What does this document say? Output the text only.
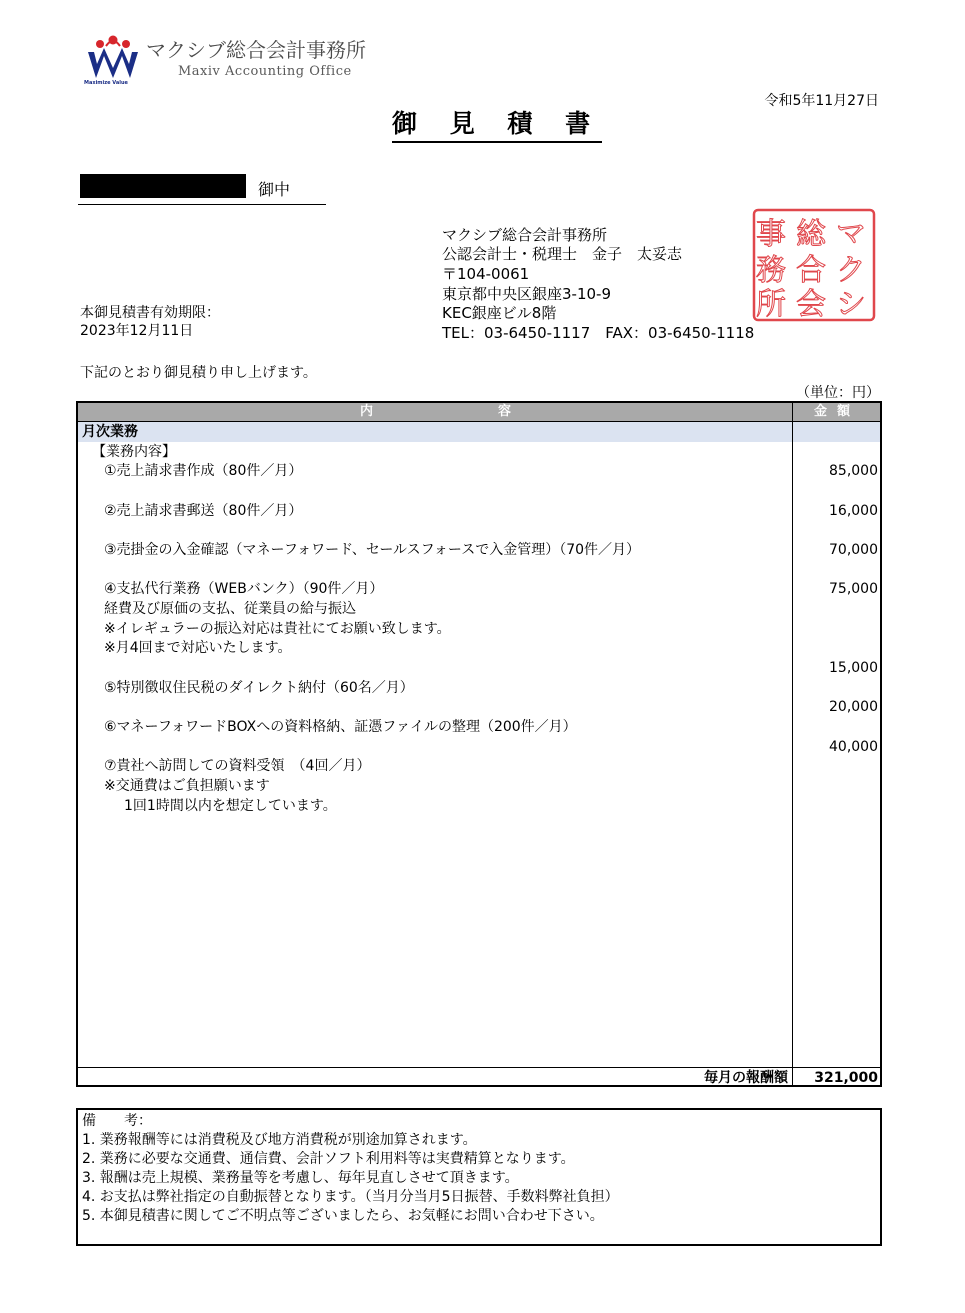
Maximize Value
マクシブ総合会計事務所
Maxiv Accounting Office
令和5年11月27日
御 見 積 書
御中
マクシブ総合会計事務所
公認会計士・税理士　金子　太妥志
〒104-0061
東京都中央区銀座3-10-9
KEC銀座ビル8階
TEL：03-6450-1117　FAX：03-6450-1118
事 総 マ
務 合 ク
所 会 シ
本御見積書有効期限：
2023年12月11日
下記のとおり御見積り申し上げます。
（単位：円）
内	容	金額
月次業務
【業務内容】
①売上請求書作成（80件／月）
②売上請求書郵送（80件／月）
③売掛金の入金確認（マネーフォワード、セールスフォースで入金管理）（70件／月）
④支払代行業務（WEBバンク）（90件／月）
経費及び原価の支払、従業員の給与振込
※イレギュラーの振込対応は貴社にてお願い致します。
※月4回まで対応いたします。
⑤特別徴収住民税のダイレクト納付（60名／月）
⑥マネーフォワードBOXへの資料格納、証憑ファイルの整理（200件／月）
⑦貴社へ訪問しての資料受領　（4回／月）
※交通費はご負担願います
1回1時間以内を想定しています。
85,000
16,000
70,000
75,000
15,000
20,000
40,000
毎月の報酬額 321,000
備　　考：
1. 業務報酬等には消費税及び地方消費税が別途加算されます。
2. 業務に必要な交通費、通信費、会計ソフト利用料等は実費精算となります。
3. 報酬は売上規模、業務量等を考慮し、毎年見直しさせて頂きます。
4. お支払は弊社指定の自動振替となります。（当月分当月5日振替、手数料弊社負担）
5. 本御見積書に関してご不明点等ございましたら、お気軽にお問い合わせ下さい。
